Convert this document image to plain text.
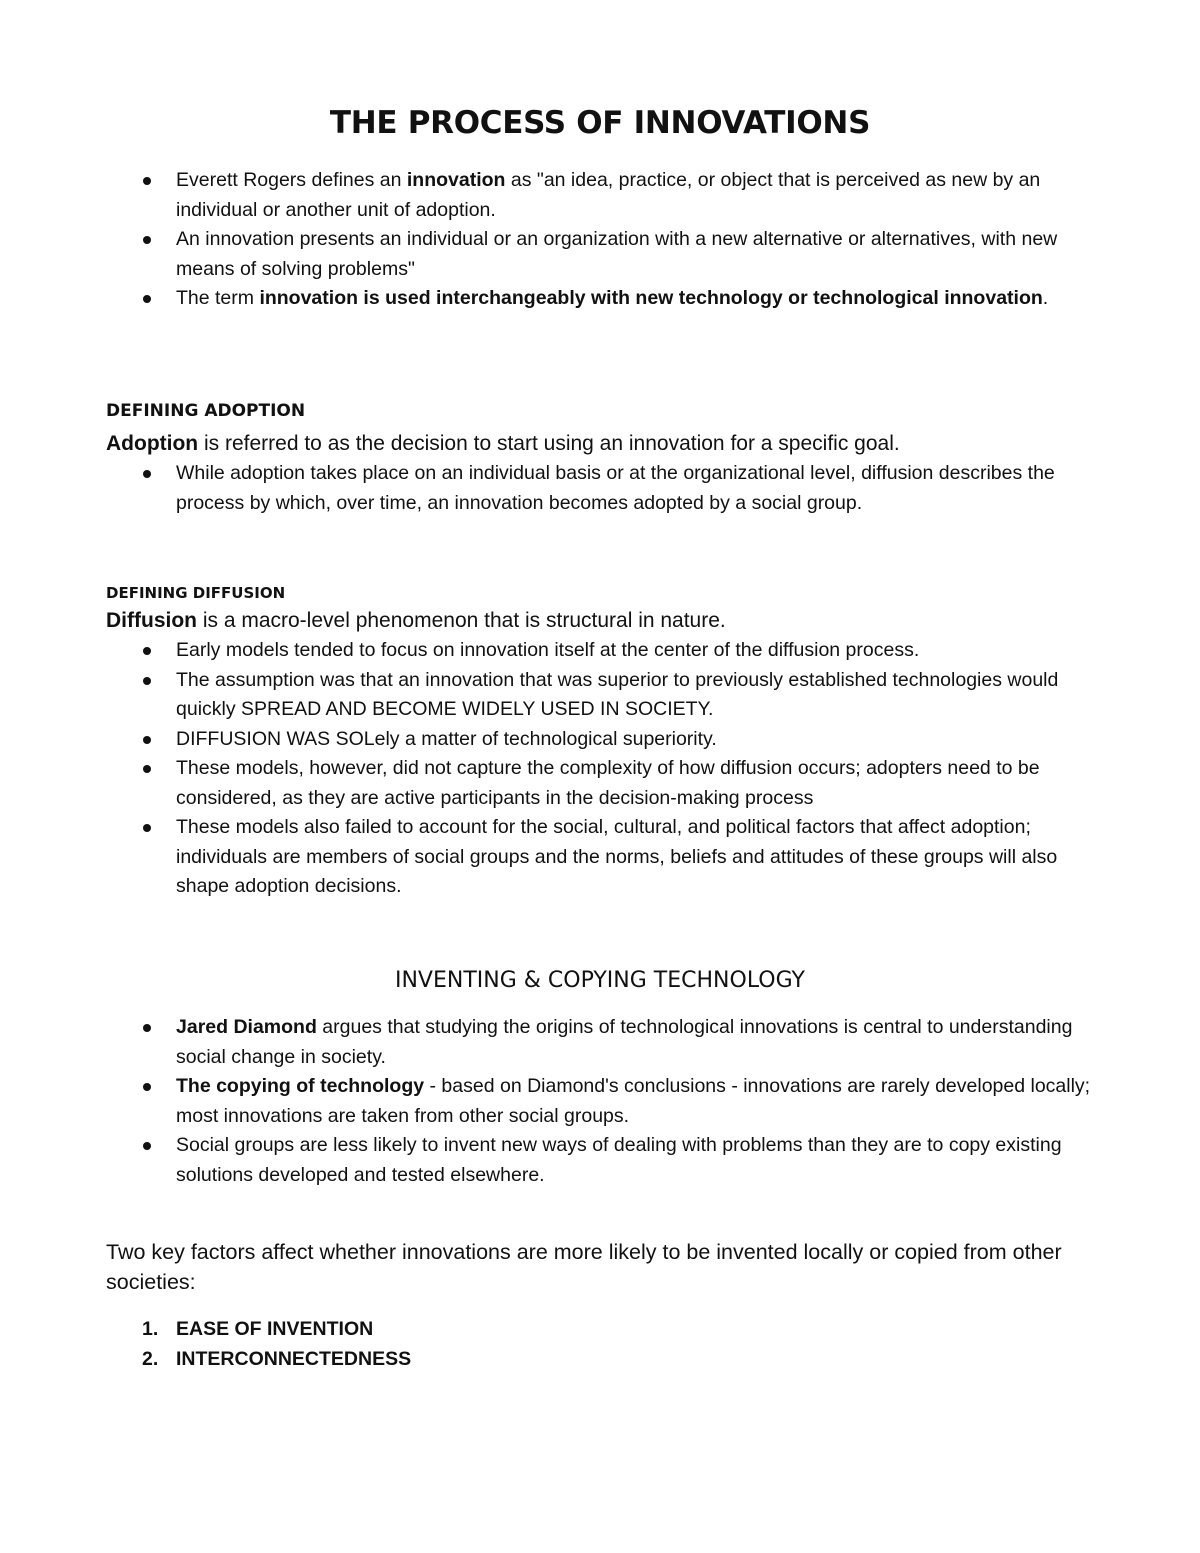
THE PROCESS OF INNOVATIONS
Everett Rogers defines an innovation as "an idea, practice, or object that is perceived as new by an individual or another unit of adoption.
An innovation presents an individual or an organization with a new alternative or alternatives, with new means of solving problems"
The term innovation is used interchangeably with new technology or technological innovation.
DEFINING ADOPTION

Adoption is referred to as the decision to start using an innovation for a specific goal.

While adoption takes place on an individual basis or at the organizational level, diffusion describes the process by which, over time, an innovation becomes adopted by a social group.
DEFINING DIFFUSION

Diffusion is a macro-level phenomenon that is structural in nature.

Early models tended to focus on innovation itself at the center of the diffusion process.
The assumption was that an innovation that was superior to previously established technologies would quickly SPREAD AND BECOME WIDELY USED IN SOCIETY.
DIFFUSION WAS SOLely a matter of technological superiority.
These models, however, did not capture the complexity of how diffusion occurs; adopters need to be considered, as they are active participants in the decision-making process
These models also failed to account for the social, cultural, and political factors that affect adoption; individuals are members of social groups and the norms, beliefs and attitudes of these groups will also shape adoption decisions.
INVENTING & COPYING TECHNOLOGY
Jared Diamond argues that studying the origins of technological innovations is central to understanding social change in society.
The copying of technology - based on Diamond's conclusions - innovations are rarely developed locally; most innovations are taken from other social groups.
Social groups are less likely to invent new ways of dealing with problems than they are to copy existing solutions developed and tested elsewhere.

Two key factors affect whether innovations are more likely to be invented locally or copied from other societies:

1. EASE OF INVENTION
2. INTERCONNECTEDNESS
